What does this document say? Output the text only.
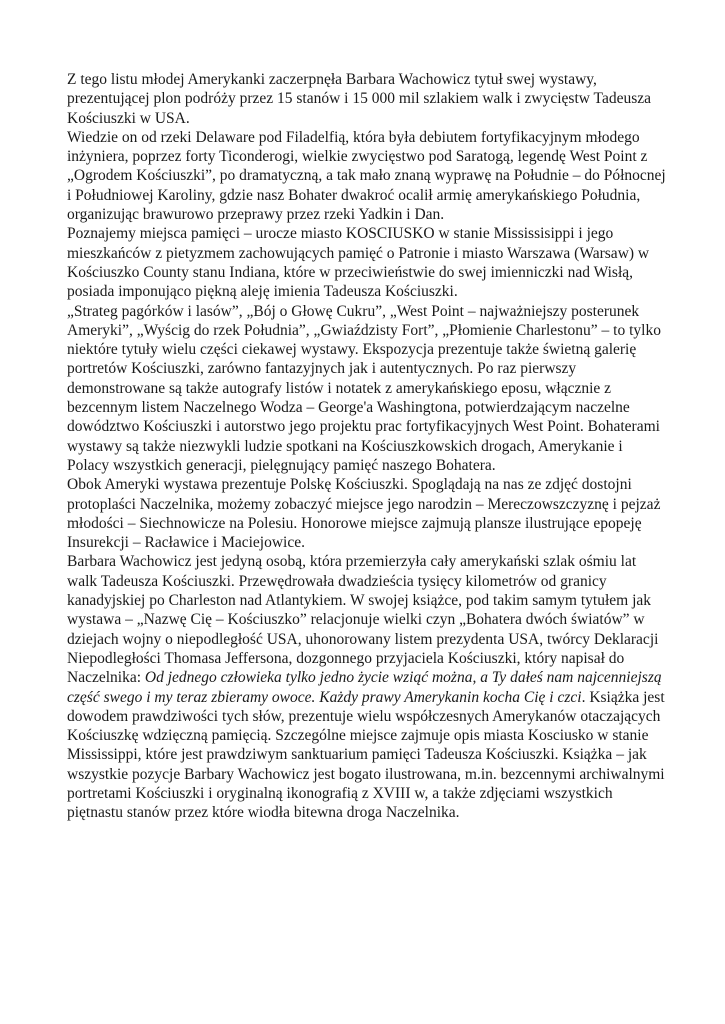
Z tego listu młodej Amerykanki zaczerpnęła Barbara Wachowicz tytuł swej wystawy, prezentującej plon podróży przez 15 stanów i 15 000 mil szlakiem walk i zwycięstw Tadeusza Kościuszki w USA.

Wiedzie on od rzeki Delaware pod Filadelfią, która była debiutem fortyfikacyjnym młodego inżyniera, poprzez forty Ticonderogi, wielkie zwycięstwo pod Saratogą, legendę West Point z „Ogrodem Kościuszki”, po dramatyczną, a tak mało znaną wyprawę na Południe – do Północnej i Południowej Karoliny, gdzie nasz Bohater dwakroć ocalił armię amerykańskiego Południa, organizując brawurowo przeprawy przez rzeki Yadkin i Dan.

Poznajemy miejsca pamięci – urocze miasto KOSCIUSKO w stanie Mississisippi i jego mieszkańców z pietyzmem zachowujących pamięć o Patronie i miasto Warszawa (Warsaw) w Kościuszko County stanu Indiana, które w przeciwieństwie do swej imienniczki nad Wisłą, posiada imponująco piękną aleję imienia Tadeusza Kościuszki.

„Strateg pagórków i lasów”, „Bój o Głowę Cukru”, „West Point – najważniejszy posterunek Ameryki”, „Wyścig do rzek Południa”, „Gwiaździsty Fort”, „Płomienie Charlestonu” – to tylko niektóre tytuły wielu części ciekawej wystawy. Ekspozycja prezentuje także świetną galerię portretów Kościuszki, zarówno fantazyjnych jak i autentycznych. Po raz pierwszy demonstrowane są także autografy listów i notatek z amerykańskiego eposu, włącznie z bezcennym listem Naczelnego Wodza – George'a Washingtona, potwierdzającym naczelne dowództwo Kościuszki i autorstwo jego projektu prac fortyfikacyjnych West Point. Bohaterami wystawy są także niezwykli ludzie spotkani na Kościuszkowskich drogach, Amerykanie i Polacy wszystkich generacji, pielęgnujący pamięć naszego Bohatera.

Obok Ameryki wystawa prezentuje Polskę Kościuszki. Spoglądają na nas ze zdjęć dostojni protoplaści Naczelnika, możemy zobaczyć miejsce jego narodzin – Mereczowszczyznę i pejzaż młodości – Siechnowicze na Polesiu. Honorowe miejsce zajmują plansze ilustrujące epopeję Insurekcji – Racławice i Maciejowice.

Barbara Wachowicz jest jedyną osobą, która przemierzyła cały amerykański szlak ośmiu lat walk Tadeusza Kościuszki. Przewędrowała dwadzieścia tysięcy kilometrów od granicy kanadyjskiej po Charleston nad Atlantykiem. W swojej książce, pod takim samym tytułem jak wystawa – „Nazwę Cię – Kościuszko” relacjonuje wielki czyn „Bohatera dwóch światów” w dziejach wojny o niepodległość USA, uhonorowany listem prezydenta USA, twórcy Deklaracji Niepodległości Thomasa Jeffersona, dozgonnego przyjaciela Kościuszki, który napisał do Naczelnika: Od jednego człowieka tylko jedno życie wziąć można, a Ty dałeś nam najcenniejszą część swego i my teraz zbieramy owoce. Każdy prawy Amerykanin kocha Cię i czci. Książka jest dowodem prawdziwości tych słów, prezentuje wielu współczesnych Amerykanów otaczających Kościuszkę wdzięczną pamięcią. Szczególne miejsce zajmuje opis miasta Kosciusko w stanie Mississippi, które jest prawdziwym sanktuarium pamięci Tadeusza Kościuszki. Książka – jak wszystkie pozycje Barbary Wachowicz jest bogato ilustrowana, m.in. bezcennymi archiwalnymi portretami Kościuszki i oryginalną ikonografią z XVIII w, a także zdjęciami wszystkich piętnastu stanów przez które wiodła bitewna droga Naczelnika.
